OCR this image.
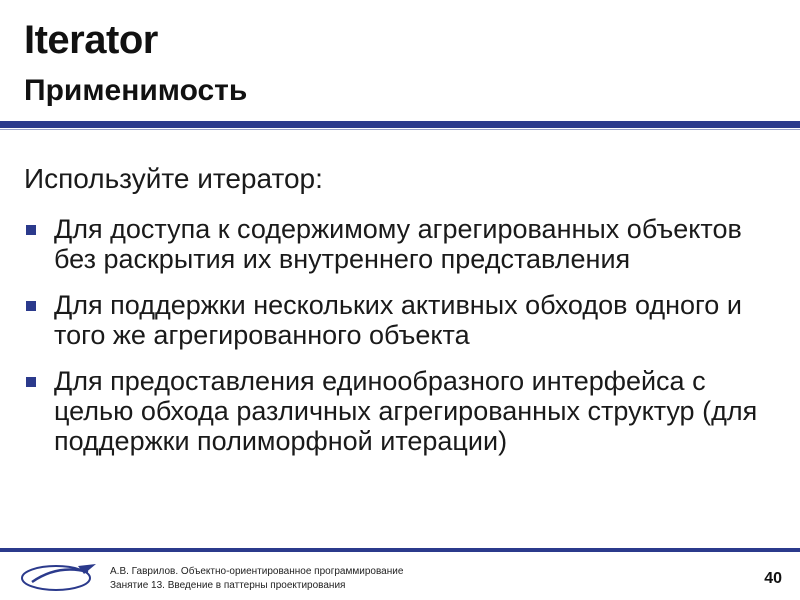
Iterator
Применимость
Используйте итератор:
Для доступа к содержимому агрегированных объектов без раскрытия их внутреннего представления
Для поддержки нескольких активных обходов одного и того же агрегированного объекта
Для предоставления единообразного интерфейса с целью обхода различных агрегированных структур (для поддержки полиморфной итерации)
А.В. Гаврилов. Объектно-ориентированное программирование
Занятие 13. Введение в паттерны проектирования	40
